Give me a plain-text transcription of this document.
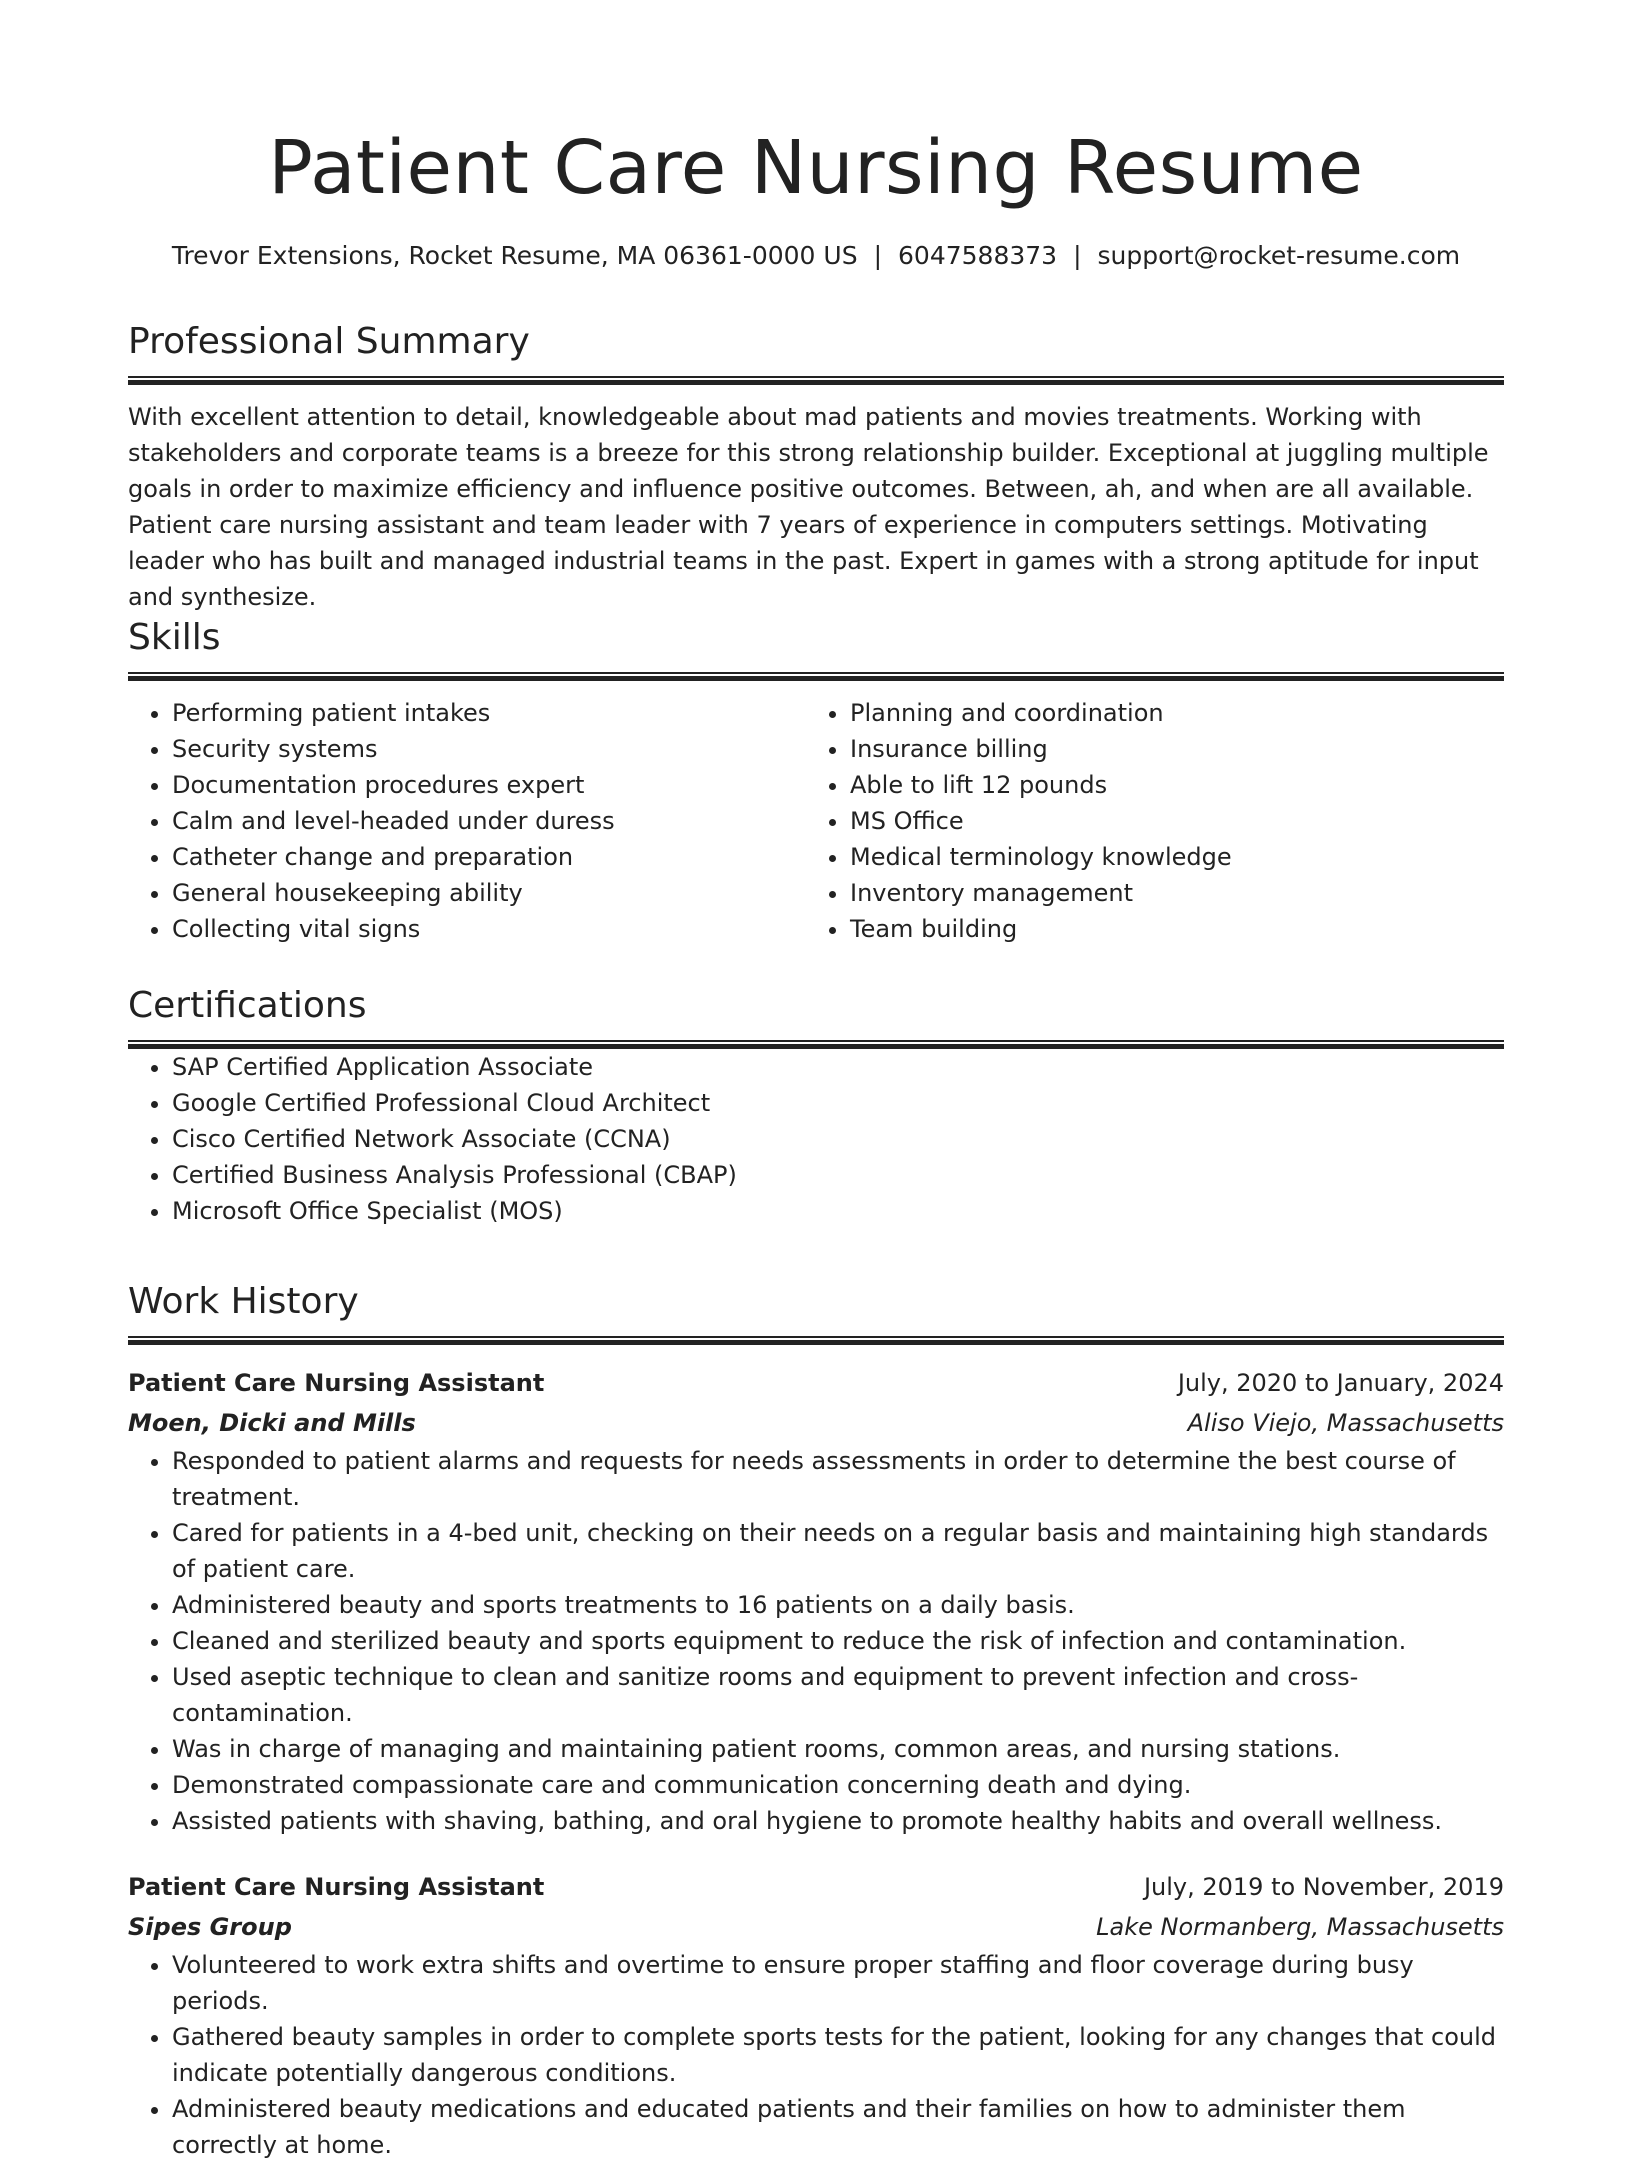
Patient Care Nursing Resume
Trevor Extensions, Rocket Resume, MA 06361-0000 US | 6047588373 | support@rocket-resume.com
Professional Summary

With excellent attention to detail, knowledgeable about mad patients and movies treatments. Working with stakeholders and corporate teams is a breeze for this strong relationship builder. Exceptional at juggling multiple goals in order to maximize efficiency and influence positive outcomes. Between, ah, and when are all available. Patient care nursing assistant and team leader with 7 years of experience in computers settings. Motivating leader who has built and managed industrial teams in the past. Expert in games with a strong aptitude for input and synthesize.

Skills
• Performing patient intakes
• Security systems
• Documentation procedures expert
• Calm and level-headed under duress
• Catheter change and preparation
• General housekeeping ability
• Collecting vital signs
• Planning and coordination
• Insurance billing
• Able to lift 12 pounds
• MS Office
• Medical terminology knowledge
• Inventory management
• Team building
Certifications
• SAP Certified Application Associate
• Google Certified Professional Cloud Architect
• Cisco Certified Network Associate (CCNA)
• Certified Business Analysis Professional (CBAP)
• Microsoft Office Specialist (MOS)
Work History
Patient Care Nursing Assistant	July, 2020 to January, 2024
Moen, Dicki and Mills	Aliso Viejo, Massachusetts
• Responded to patient alarms and requests for needs assessments in order to determine the best course of treatment.
• Cared for patients in a 4-bed unit, checking on their needs on a regular basis and maintaining high standards of patient care.
• Administered beauty and sports treatments to 16 patients on a daily basis.
• Cleaned and sterilized beauty and sports equipment to reduce the risk of infection and contamination.
• Used aseptic technique to clean and sanitize rooms and equipment to prevent infection and cross-contamination.
• Was in charge of managing and maintaining patient rooms, common areas, and nursing stations.
• Demonstrated compassionate care and communication concerning death and dying.
• Assisted patients with shaving, bathing, and oral hygiene to promote healthy habits and overall wellness.
Patient Care Nursing Assistant	July, 2019 to November, 2019
Sipes Group	Lake Normanberg, Massachusetts
• Volunteered to work extra shifts and overtime to ensure proper staffing and floor coverage during busy periods.
• Gathered beauty samples in order to complete sports tests for the patient, looking for any changes that could indicate potentially dangerous conditions.
• Administered beauty medications and educated patients and their families on how to administer them correctly at home.
